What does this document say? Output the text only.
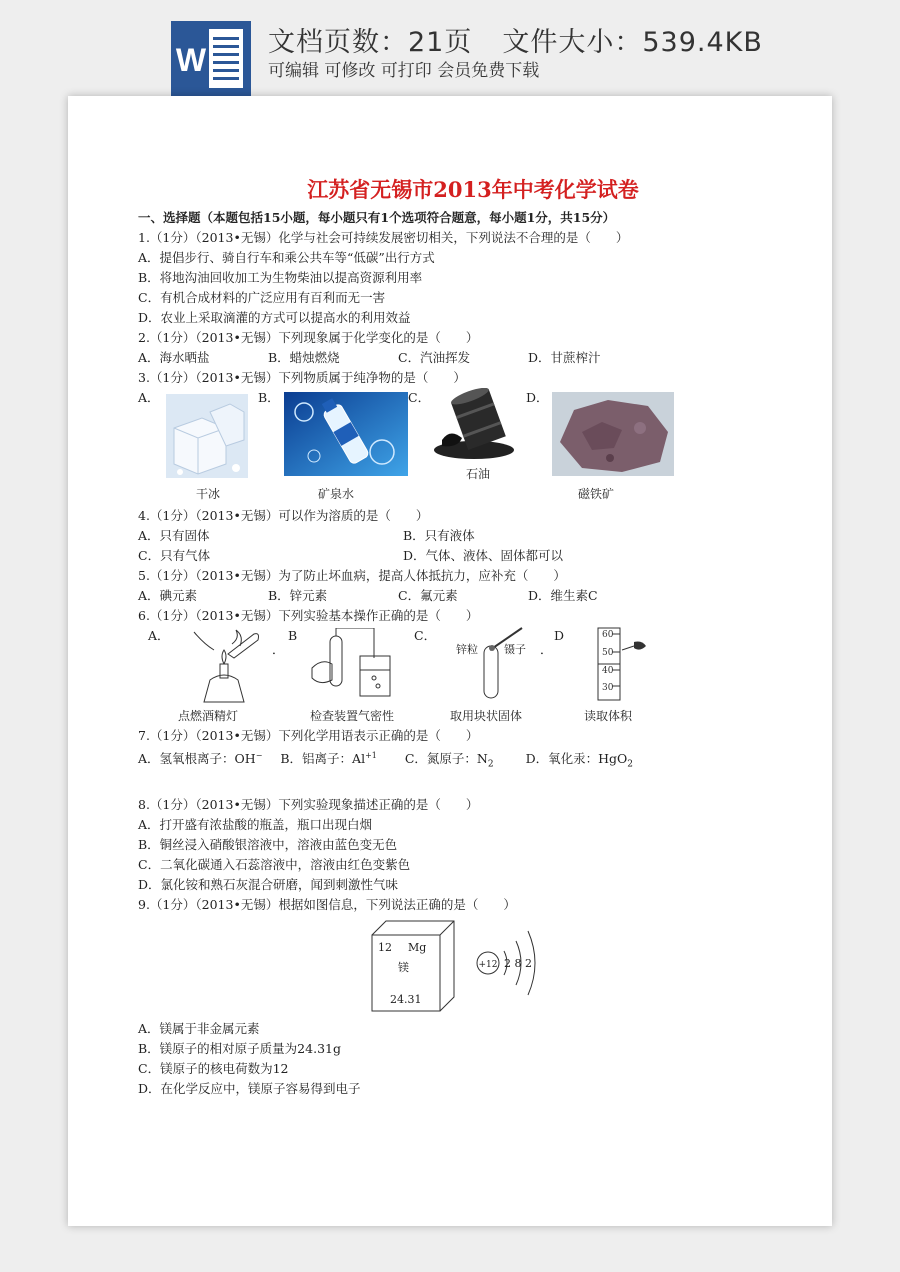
W 文档页数：21页 文件大小：539.4KB
可编辑 可修改 可打印 会员免费下载
江苏省无锡市2013年中考化学试卷
一、选择题（本题包括15小题，每小题只有1个选项符合题意，每小题1分，共15分）
1.（1分）（2013•无锡）化学与社会可持续发展密切相关，下列说法不合理的是（　　）
A．提倡步行、骑自行车和乘公共车等“低碳”出行方式
B．将地沟油回收加工为生物柴油以提高资源利用率
C．有机合成材料的广泛应用有百利而无一害
D．农业上采取滴灌的方式可以提高水的利用效益
2.（1分）（2013•无锡）下列现象属于化学变化的是（　　）
A．海水晒盐	B．蜡烛燃烧	C．汽油挥发	D．甘蔗榨汁
3.（1分）（2013•无锡）下列物质属于纯净物的是（　　）
A．
干冰
B．
矿泉水
C．
石油
D．
磁铁矿
4.（1分）（2013•无锡）可以作为溶质的是（　　）
A．只有固体	B．只有液体
C．只有气体	D．气体、液体、固体都可以
5.（1分）（2013•无锡）为了防止坏血病，提高人体抵抗力，应补充（　　）
A．碘元素	B．锌元素	C．氟元素	D．维生素C
6.（1分）（2013•无锡）下列实验基本操作正确的是（　　）
A．
点燃酒精灯
B
．
检查装置气密性
C．
锌粒 镊子 ．
取用块状固体
D	60
50
40
30
读取体积
7.（1分）（2013•无锡）下列化学用语表示正确的是（　　）
A．氢氧根离子：OH− B．铝离子：$Al^{+1}$ C．氮原子：$N_2$	D．氧化汞：HgO$_2$
8.（1分）（2013•无锡）下列实验现象描述正确的是（　　）
A．打开盛有浓盐酸的瓶盖，瓶口出现白烟
B．铜丝浸入硝酸银溶液中，溶液由蓝色变无色
C．二氧化碳通入石蕊溶液中，溶液由红色变紫色
D．氯化铵和熟石灰混合研磨，闻到刺激性气味
9.（1分）（2013•无锡）根据如图信息，下列说法正确的是（　　）
12 Mg
镁
24.31
+12 2 8 2
A．镁属于非金属元素
B．镁原子的相对原子质量为24.31g
C．镁原子的核电荷数为12
D．在化学反应中，镁原子容易得到电子
